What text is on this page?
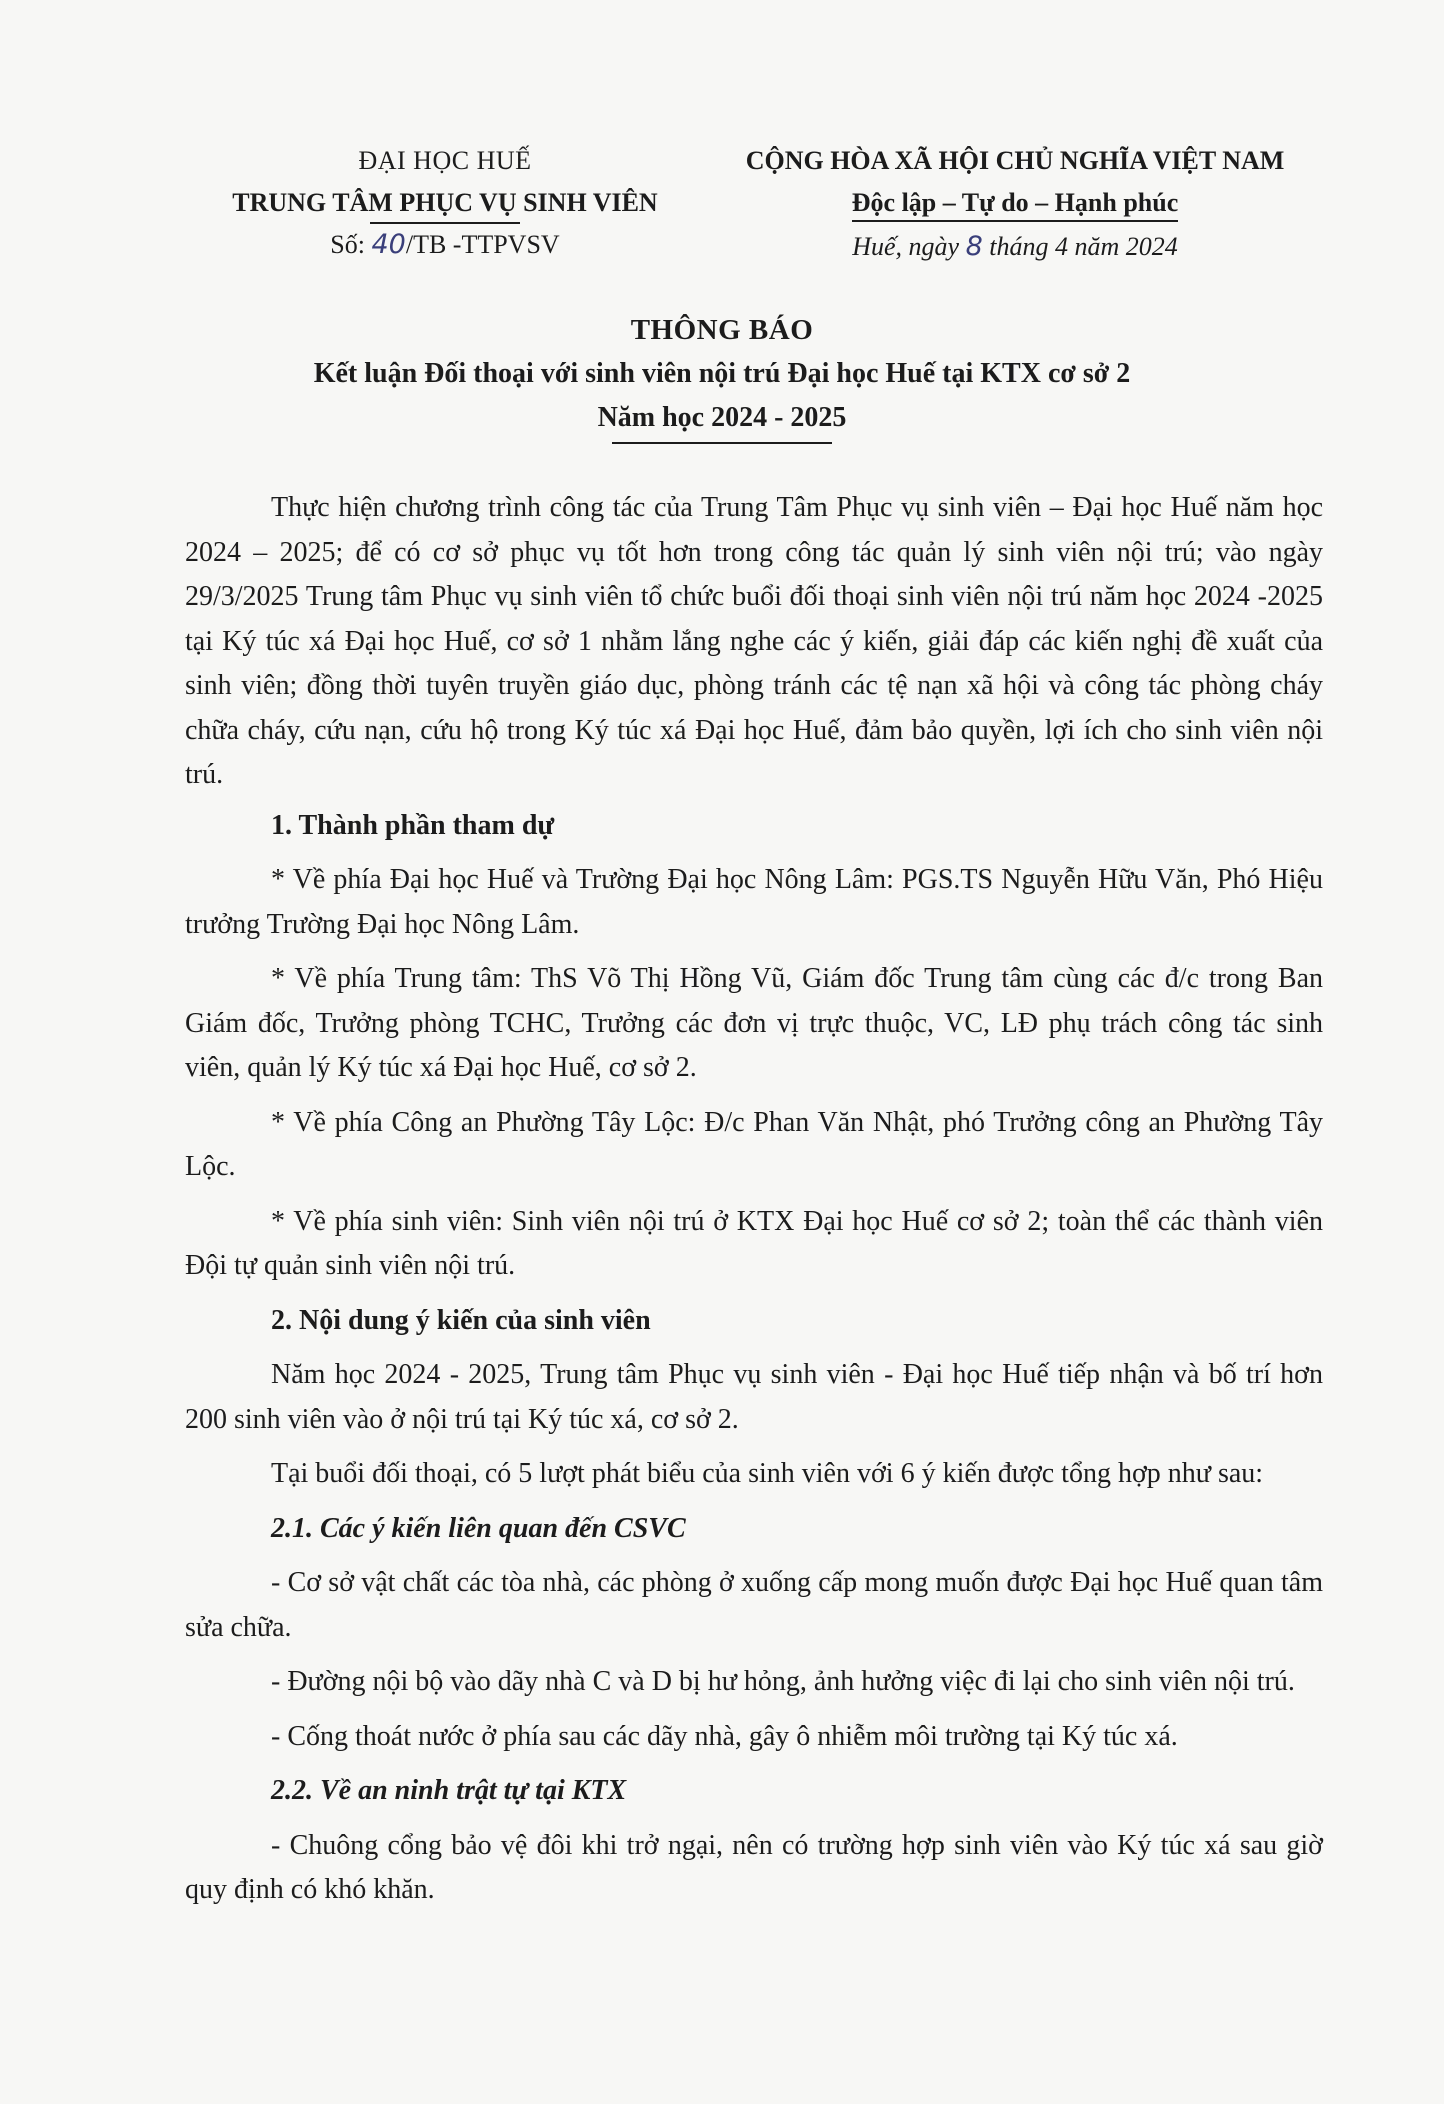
ĐẠI HỌC HUẾ
TRUNG TÂM PHỤC VỤ SINH VIÊN
Số: 40/TB -TTPVSV
CỘNG HÒA XÃ HỘI CHỦ NGHĨA VIỆT NAM
Độc lập – Tự do – Hạnh phúc
Huế, ngày 8 tháng 4 năm 2024
THÔNG BÁO
Kết luận Đối thoại với sinh viên nội trú Đại học Huế tại KTX cơ sở 2
Năm học 2024 - 2025

Thực hiện chương trình công tác của Trung Tâm Phục vụ sinh viên – Đại học Huế năm học 2024 – 2025; để có cơ sở phục vụ tốt hơn trong công tác quản lý sinh viên nội trú; vào ngày 29/3/2025 Trung tâm Phục vụ sinh viên tổ chức buổi đối thoại sinh viên nội trú năm học 2024 -2025 tại Ký túc xá Đại học Huế, cơ sở 1 nhằm lắng nghe các ý kiến, giải đáp các kiến nghị đề xuất của sinh viên; đồng thời tuyên truyền giáo dục, phòng tránh các tệ nạn xã hội và công tác phòng cháy chữa cháy, cứu nạn, cứu hộ trong Ký túc xá Đại học Huế, đảm bảo quyền, lợi ích cho sinh viên nội trú.

1. Thành phần tham dự

* Về phía Đại học Huế và Trường Đại học Nông Lâm: PGS.TS Nguyễn Hữu Văn, Phó Hiệu trưởng Trường Đại học Nông Lâm.

* Về phía Trung tâm: ThS Võ Thị Hồng Vũ, Giám đốc Trung tâm cùng các đ/c trong Ban Giám đốc, Trưởng phòng TCHC, Trưởng các đơn vị trực thuộc, VC, LĐ phụ trách công tác sinh viên, quản lý Ký túc xá Đại học Huế, cơ sở 2.

* Về phía Công an Phường Tây Lộc: Đ/c Phan Văn Nhật, phó Trưởng công an Phường Tây Lộc.

* Về phía sinh viên: Sinh viên nội trú ở KTX Đại học Huế cơ sở 2; toàn thể các thành viên Đội tự quản sinh viên nội trú.

2. Nội dung ý kiến của sinh viên

Năm học 2024 - 2025, Trung tâm Phục vụ sinh viên - Đại học Huế tiếp nhận và bố trí hơn 200 sinh viên vào ở nội trú tại Ký túc xá, cơ sở 2.

Tại buổi đối thoại, có 5 lượt phát biểu của sinh viên với 6 ý kiến được tổng hợp như sau:

2.1. Các ý kiến liên quan đến CSVC

- Cơ sở vật chất các tòa nhà, các phòng ở xuống cấp mong muốn được Đại học Huế quan tâm sửa chữa.

- Đường nội bộ vào dãy nhà C và D bị hư hỏng, ảnh hưởng việc đi lại cho sinh viên nội trú.

- Cống thoát nước ở phía sau các dãy nhà, gây ô nhiễm môi trường tại Ký túc xá.

2.2. Về an ninh trật tự tại KTX

- Chuông cổng bảo vệ đôi khi trở ngại, nên có trường hợp sinh viên vào Ký túc xá sau giờ quy định có khó khăn.
